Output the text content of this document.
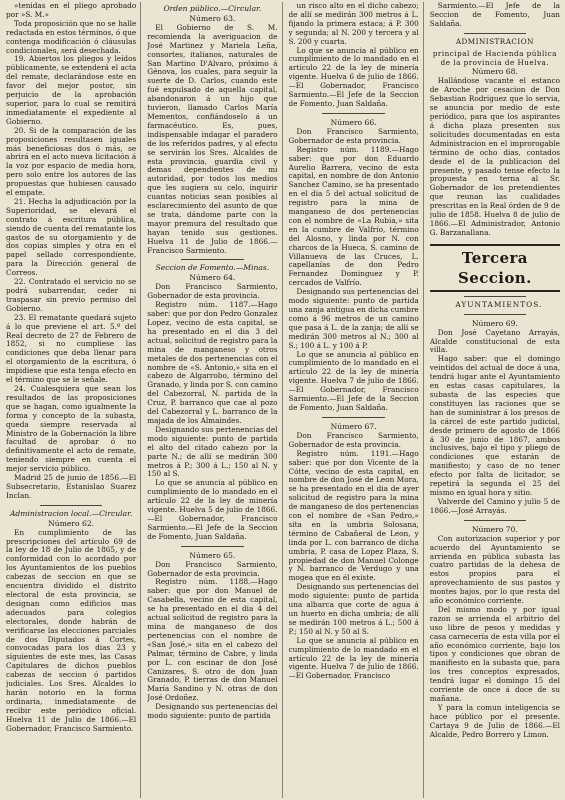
»tenidas en el pliego aprobado por »S. M.»

Toda proposición que no se halle redactada en estos términos, ó que contenga modificación ó cláusulas condicionales, será desechada.

19. Abiertos los pliegos y leídos públicamente, se extenderá el acta del remate, declarándose este en favor del mejor postor, sin perjuicio de la aprobación superior, para lo cual se remitirá inmediatamente el expediente al Gobierno.

20. Si de la comparación de las proposiciones resultasen iguales más beneficiosas dos ó más, se abrirá en el acto nueva licitación á la voz por espacio de media hora, pero solo entre los autores de las propuestas que hubiesen causado el empate.

21. Hecha la adjudicación por la Superioridad, se elevará el contrato á escritura pública, siendo de cuenta del rematante los gastos de su otorgamiento y de dos copias simples y otra en el papel sellado correspondiente, para la Dirección general de Correos.

22. Contratado el servicio no se podrá subarrendar, ceder ni traspasar sin previo permiso del Gobierno.

23. El rematante quedará sujeto á lo que previene el art. 5.º del Real decreto de 27 de Febrero de 1852, si no cumpliese las condiciones que deba llenar para el otorgamiento de la escritura, ó impidiese que esta tenga efecto en el término que se le señale.

24. Cualesquiera que sean los resultados de las proposiciones que se hagan, como igualmente la forma y concepto de la subasta, queda siempre reservada al Ministro de la Gobernación la libre facultad de aprobar ó no definitivamente el acto de remate, teniendo siempre en cuenta el mejor servicio público.

Madrid 25 de junio de 1856.—El Subsecretario, Estanislao Suarez Inclan.

Administracion local.—Circular.

Número 62.

En cumplimiento de las prescripciones del artículo 69 de la ley de 18 de Julio de 1865, y de conformidad con lo acordado por los Ayuntamientos de los pueblos cabezas de seccion en que se encuentra dividido el distrito electoral de esta provincia, se designan como edificios mas adecuados para colegios electorales, donde habrán de verificarse las elecciones parciales de dos Diputados á Cortes, convocadas para los dias 23 y siguientes de este mes, las Casas Capitulares de dichos pueblos cabezas de seccion ó partidos judiciales. Los Sres. Alcaldes lo harán notorio en la forma ordinaria, inmediatamente de recibir este periódico oficial. Huelva 11 de Julio de 1866.—El Gobernador, Francisco Sarmiento.

Orden público.—Circular.

Número 63.

El Gobierno de S. M. recomienda la averiguacion de José Martinez y Mariela Leña, consortes, italianos, naturales de San Martino D'Alvaro, próximo á Génova, los cuales, para seguir la suerte de D. Carlos, cuando este fué expulsado de aquella capital, abandonaron á un hijo que tuvieron, llamado Carlos María Mementos, confiándoselo á un farmacéutico. Es, pues, indispensable indagar el paradero de los referidos padres, y al efecto se servirán los Sres. Alcaldes de esta provincia, guardia civil y demas dependientes de mi autoridad, por todos los medios que les sugiera su celo, inquirir cuantas noticias sean posibles al esclarecimiento del asunto de que se trata, dándome parte con la mayor premura del resultado que hayan tenido sus gestiones. Huelva 11 de Julio de 1866.—Francisco Sarmiento.

Seccion de Fomento.—Minas.

Número 64.

Don Francisco Sarmiento, Gobernador de esta provincia.

Registro núm. 1187.—Hago saber: que por don Pedro Gonzalez Lopez, vecino de esta capital, se ha presentado en el dia 3 del actual, solicitud de registro para la mina de manganeso y otros metales de dos pertenencias con el nombre de «S. Antonio,» sita en el cabezo de Algarrobo, término del Granado, y linda por S. con camino del Cabezorral, N. partida de la Cruz, P. barranco que cae al pozo del Cabezorral y L. barranco de la majada de los Almaindes.

Designando sus pertenencias del modo siguiente: punto de partida el alto del citado cabezo por la parte N.; de allí se medirán 300 metros á P.; 300 á L.; 150 al N. y 150 al S.

Lo que se anuncia al público en cumplimiento de lo mandado en el artículo 22 de la ley de minería vigente. Huelva 5 de julio de 1866.—El Gobernador, Francisco Sarmiento.—El Jefe de la Seccion de Fomento, Juan Saldaña.

Número 65.

Don Francisco Sarmiento, Gobernador de esta provincia.

Registro núm. 1188.—Hago saber: que por don Manuel de Casabella, vecino de esta capital, se ha presentado en el dia 4 del actual solicitud de registro para la mina de manganeso de dos pertenencias con el nombre de «San José,» sita en el cabezo del Palmar, término de Cabre, y linda por L. con escinar de don José Canizares, S. otro de don Juan Granado, P. tierras de don Manuel María Sandino y N. otras de don José Ordoñez.

Designando sus pertenencias del modo siguiente: punto de partida

un risco alto en el dicho cabezo; de allí se medirán 300 metros á L. fijando la primera estaca; á P. 300 y segunda; al N. 200 y tercera y al S. 200 y cuarta.

Lo que se anuncia al público en cumplimiento de lo mandado en el artículo 22 de la ley de minería vigente. Huelva 6 de julio de 1866.—El Gobernador, Francisco Sarmiento.—El Jefe de la Seccion de Fomento, Juan Saldaña.

Número 66.

Don Francisco Sarmiento, Gobernador de esta provincia.

Registro núm. 1189.—Hago saber: que por don Eduardo Aurelio Barrera, vecino de esta capital, en nombre de don Antonio Sanchez Camino, se ha presentado en el dia 5 del actual solicitud de registro para la mina de manganeso de dos pertenencias con el nombre de «La Rubia,» sita en la cumbre de Valfrío, término del Alosno, y linda por N. con charcos de la Hueca, S. camino de Villanueva de las Cruces, L. capellanías de don Pedro Fernandez Dominguez y P. cercados de Valfrío.

Designando sus pertenencias del modo siguiente: punto de partida una zanja antigua en dicha cumbre como á 96 metros de un camino que pasa á L. de la zanja; de allí se medirán 300 metros al N.; 300 al S.; 100 á L. y 100 á P.

Lo que se anuncia al público en cumplimiento de lo mandado en el artículo 22 de la ley de minería vigente. Huelva 7 de julio de 1866.—El Gobernador, Francisco Sarmiento.—El Jefe de la Seccion de Fomento, Juan Saldaña.

Número 67.

Don Francisco Sarmiento, Gobernador de esta provincia.

Registro núm. 1191.—Hago saber: que por don Vicente de la Cótte, vecino de esta capital, en nombre de don José de Leon Mora, se ha presentado en el dia de ayer solicitud de registro para la mina de manganeso de dos pertenencias con el nombre de «San Pedro,» sita en la umbria Solosana, término de Cabañeral de Leon, y linda por L. con barranco de dicha umbria, P. casa de Lopez Plaza, S. propiedad de don Manuel Colonge y N. barranco de Verdugo y una mogea que en él existe.

Designando sus pertenencias del modo siguiente: punto de partida una albarca que corte de agua á un huerto en dicha umbria; de allí se medirán 100 metros á L.; 500 á P.; 150 al N. y 50 al S.

Lo que se anuncia al público en cumplimiento de lo mandado en el artículo 22 de la ley de minería vigente. Huelva 7 de julio de 1866.—El Gobernador, Francisco

Sarmiento.—El Jefe de la Seccion de Fomento, Juan Saldaña.

ADMINISTRACION

principal de Hacienda pública de la provincia de Huelva.

Número 68.

Hallándose vacante el estanco de Aroche por cesacion de Don Sebastian Rodriguez que lo servia, se anuncia por medio de este periódico, para que los aspirantes á dicha plaza presenten sus solicitudes documentadas en esta Administracion en el improrogable término de ocho dias, contados desde el de la publicacion del presente, y pasado tense efecto la propuesta en terna al Sr. Gobernador de los pretendientes que reunan las cualidades prescritas en la Real órden de 9 de julio de 1858. Huelva 8 de julio de 1866.—El Administrador, Antonio G. Barzanallana.

Tercera Seccion.

AYUNTAMIENTOS.

Número 69.

Don José Cayetano Arrayás, Alcalde constitucional de esta villa.

Hago saber: que el domingo veintidos del actual de doce á una, tendrá lugar ante el Ayuntamiento en estas casas capitulares, la subasta de las especies que constituyen las raciones que se han de suministrar á los presos de la cárcel de este partido judicial, desde primero de agosto de 1866 á 30 de junio de 1867, ambos inclusives, bajo el tipo y pliego de condiciones que estarán de manifiesto; y caso de no tener efecto por falta de licitador, se repetirá la segunda el 25 del mismo en igual hora y sitio.

Valverde del Camino y julio 5 de 1866.—José Arrayás.

Número 70.

Con autorizacion superior y por acuerdo del Ayuntamiento se arrienda en pública subasta las cuatro partidas de la dehesa de estos propios para el aprovechamiento de sus pastos y montes bajos, por lo que resta del año económico corriente.

Del mismo modo y por igual razon se arrienda el arbitrio del uso libre de pesos y medidas y casa carnecería de esta villa por el año económico corriente, bajo los tipos y condiciones que obran de manifiesto en la subasta que, para los tres conceptos expresados, tendrá lugar el domingo 15 del corriente de once á doce de su mañana.

Y para la comun inteligencia se hace público por el presente. Cartaya 9 de Julio de 1866.—El Alcalde, Pedro Borrero y Limon.
